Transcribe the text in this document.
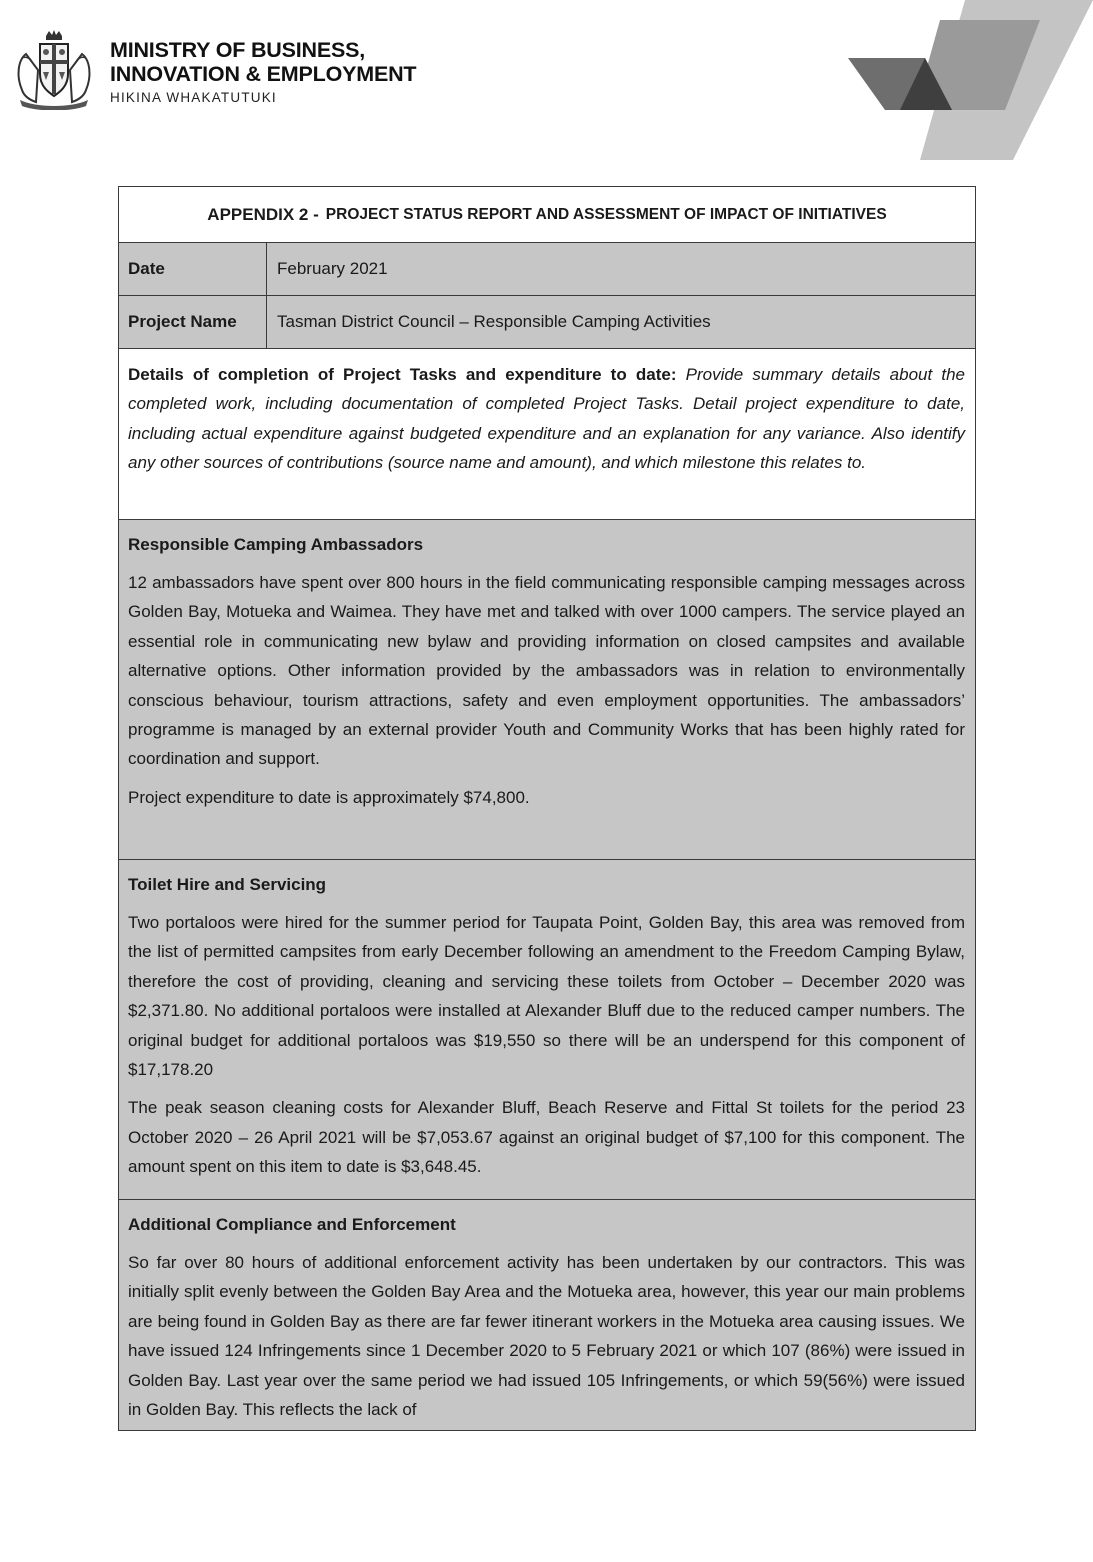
MINISTRY OF BUSINESS,
INNOVATION & EMPLOYMENT
HIKINA WHAKATUTUKI
APPENDIX 2 - PROJECT STATUS REPORT AND ASSESSMENT OF IMPACT OF INITIATIVES
Date	February 2021
Project Name	Tasman District Council – Responsible Camping Activities
Details of completion of Project Tasks and expenditure to date: Provide summary details about the completed work, including documentation of completed Project Tasks. Detail project expenditure to date, including actual expenditure against budgeted expenditure and an explanation for any variance. Also identify any other sources of contributions (source name and amount), and which milestone this relates to.
Responsible Camping Ambassadors

12 ambassadors have spent over 800 hours in the field communicating responsible camping messages across Golden Bay, Motueka and Waimea. They have met and talked with over 1000 campers. The service played an essential role in communicating new bylaw and providing information on closed campsites and available alternative options. Other information provided by the ambassadors was in relation to environmentally conscious behaviour, tourism attractions, safety and even employment opportunities. The ambassadors’ programme is managed by an external provider Youth and Community Works that has been highly rated for coordination and support.

Project expenditure to date is approximately $74,800.

Toilet Hire and Servicing

Two portaloos were hired for the summer period for Taupata Point, Golden Bay, this area was removed from the list of permitted campsites from early December following an amendment to the Freedom Camping Bylaw, therefore the cost of providing, cleaning and servicing these toilets from October – December 2020 was $2,371.80. No additional portaloos were installed at Alexander Bluff due to the reduced camper numbers. The original budget for additional portaloos was $19,550 so there will be an underspend for this component of $17,178.20

The peak season cleaning costs for Alexander Bluff, Beach Reserve and Fittal St toilets for the period 23 October 2020 – 26 April 2021 will be $7,053.67 against an original budget of $7,100 for this component. The amount spent on this item to date is $3,648.45.

Additional Compliance and Enforcement

So far over 80 hours of additional enforcement activity has been undertaken by our contractors. This was initially split evenly between the Golden Bay Area and the Motueka area, however, this year our main problems are being found in Golden Bay as there are far fewer itinerant workers in the Motueka area causing issues. We have issued 124 Infringements since 1 December 2020 to 5 February 2021 or which 107 (86%) were issued in Golden Bay. Last year over the same period we had issued 105 Infringements, or which 59(56%) were issued in Golden Bay. This reflects the lack of
